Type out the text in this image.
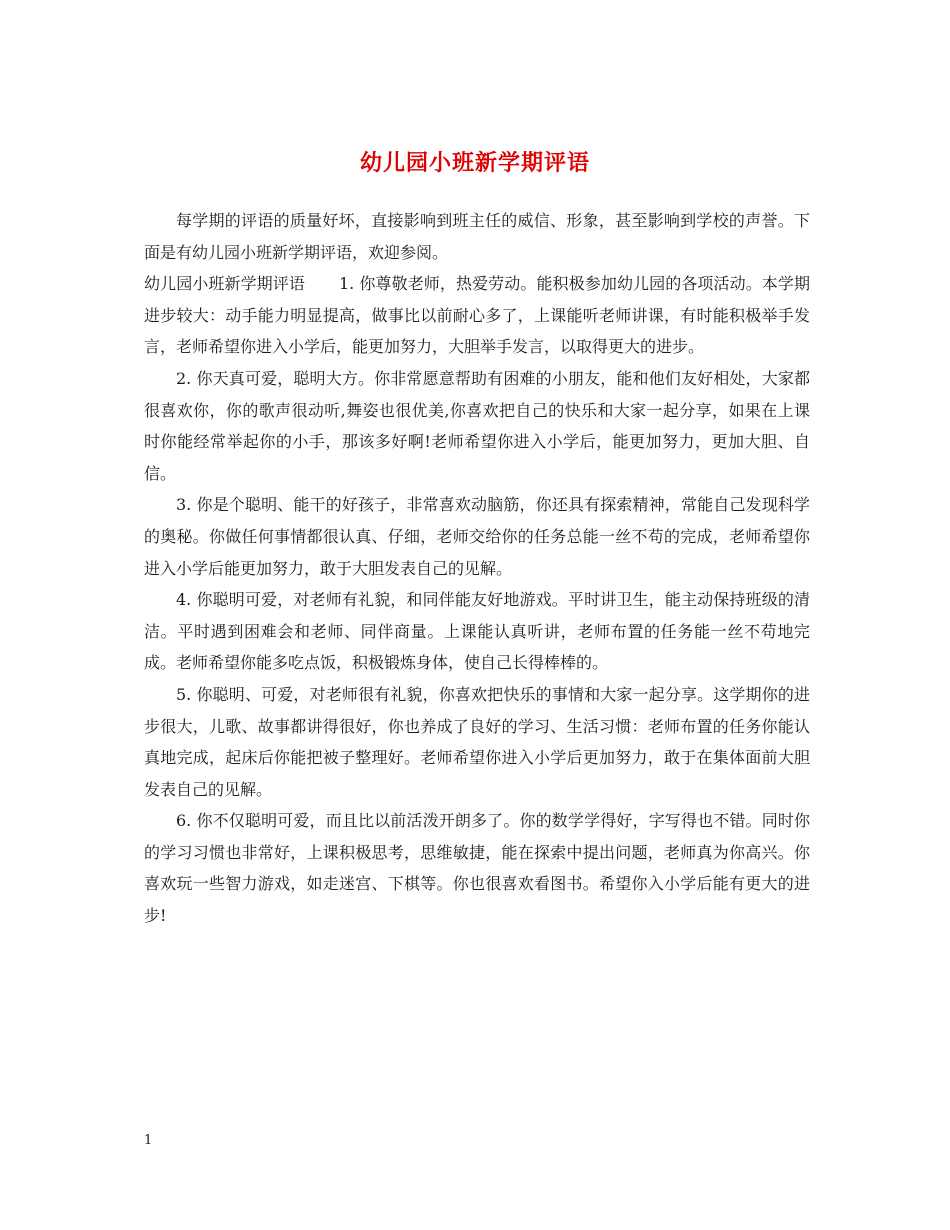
幼儿园小班新学期评语

每学期的评语的质量好坏，直接影响到班主任的威信、形象，甚至影响到学校的声誉。下面是有幼儿园小班新学期评语，欢迎参阅。

幼儿园小班新学期评语 1. 你尊敬老师，热爱劳动。能积极参加幼儿园的各项活动。本学期进步较大：动手能力明显提高，做事比以前耐心多了，上课能听老师讲课，有时能积极举手发言，老师希望你进入小学后，能更加努力，大胆举手发言，以取得更大的进步。

2. 你天真可爱，聪明大方。你非常愿意帮助有困难的小朋友，能和他们友好相处，大家都很喜欢你，你的歌声很动听,舞姿也很优美,你喜欢把自己的快乐和大家一起分享，如果在上课时你能经常举起你的小手，那该多好啊!老师希望你进入小学后，能更加努力，更加大胆、自信。

3. 你是个聪明、能干的好孩子，非常喜欢动脑筋，你还具有探索精神，常能自己发现科学的奥秘。你做任何事情都很认真、仔细，老师交给你的任务总能一丝不苟的完成，老师希望你进入小学后能更加努力，敢于大胆发表自己的见解。

4. 你聪明可爱，对老师有礼貌，和同伴能友好地游戏。平时讲卫生，能主动保持班级的清洁。平时遇到困难会和老师、同伴商量。上课能认真听讲，老师布置的任务能一丝不苟地完成。老师希望你能多吃点饭，积极锻炼身体，使自己长得棒棒的。

5. 你聪明、可爱，对老师很有礼貌，你喜欢把快乐的事情和大家一起分享。这学期你的进步很大，儿歌、故事都讲得很好，你也养成了良好的学习、生活习惯：老师布置的任务你能认真地完成，起床后你能把被子整理好。老师希望你进入小学后更加努力，敢于在集体面前大胆发表自己的见解。

6. 你不仅聪明可爱，而且比以前活泼开朗多了。你的数学学得好，字写得也不错。同时你的学习习惯也非常好，上课积极思考，思维敏捷，能在探索中提出问题，老师真为你高兴。你喜欢玩一些智力游戏，如走迷宫、下棋等。你也很喜欢看图书。希望你入小学后能有更大的进步!

1
